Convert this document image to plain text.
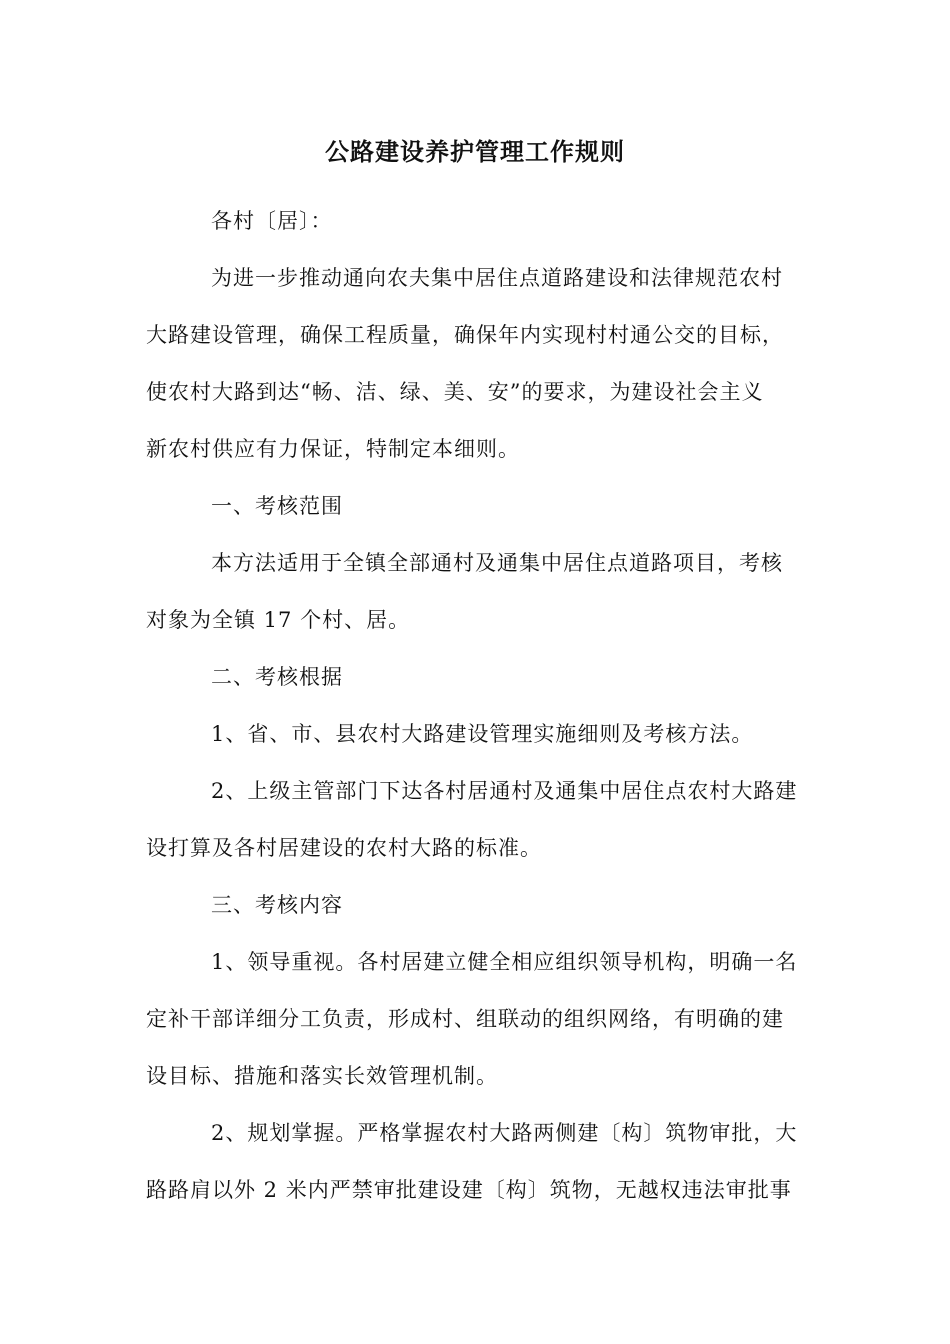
公路建设养护管理工作规则
各村〔居〕：
为进一步推动通向农夫集中居住点道路建设和法律规范农村
大路建设管理，确保工程质量，确保年内实现村村通公交的目标，
使农村大路到达“畅、洁、绿、美、安”的要求，为建设社会主义
新农村供应有力保证，特制定本细则。
一、考核范围
本方法适用于全镇全部通村及通集中居住点道路项目，考核
对象为全镇 17 个村、居。
二、考核根据
1、省、市、县农村大路建设管理实施细则及考核方法。
2、上级主管部门下达各村居通村及通集中居住点农村大路建
设打算及各村居建设的农村大路的标准。
三、考核内容
1、领导重视。各村居建立健全相应组织领导机构，明确一名
定补干部详细分工负责，形成村、组联动的组织网络，有明确的建
设目标、措施和落实长效管理机制。
2、规划掌握。严格掌握农村大路两侧建〔构〕筑物审批，大
路路肩以外 2 米内严禁审批建设建〔构〕筑物，无越权违法审批事
